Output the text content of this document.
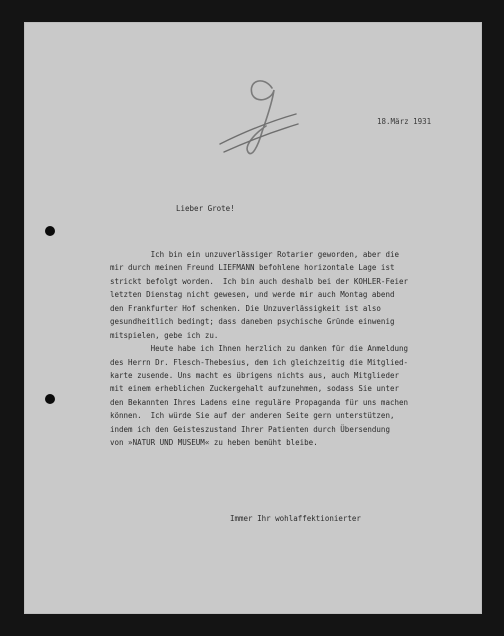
18.März 1931
Lieber Grote!
Ich bin ein unzuverlässiger Rotarier geworden, aber die
mir durch meinen Freund LIEFMANN befohlene horizontale Lage ist
strickt befolgt worden.  Ich bin auch deshalb bei der KOHLER-Feier
letzten Dienstag nicht gewesen, und werde mir auch Montag abend
den Frankfurter Hof schenken. Die Unzuverlässigkeit ist also
gesundheitlich bedingt; dass daneben psychische Gründe einwenig
mitspielen, gebe ich zu.
Heute habe ich Ihnen herzlich zu danken für die Anmeldung
des Herrn Dr. Flesch-Thebesius, dem ich gleichzeitig die Mitglied-
karte zusende. Uns macht es übrigens nichts aus, auch Mitglieder
mit einem erheblichen Zuckergehalt aufzunehmen, sodass Sie unter
den Bekannten Ihres Ladens eine reguläre Propaganda für uns machen
können.  Ich würde Sie auf der anderen Seite gern unterstützen,
indem ich den Geisteszustand Ihrer Patienten durch Übersendung
von »NATUR UND MUSEUM« zu heben bemüht bleibe.
Immer Ihr wohlaffektionierter
